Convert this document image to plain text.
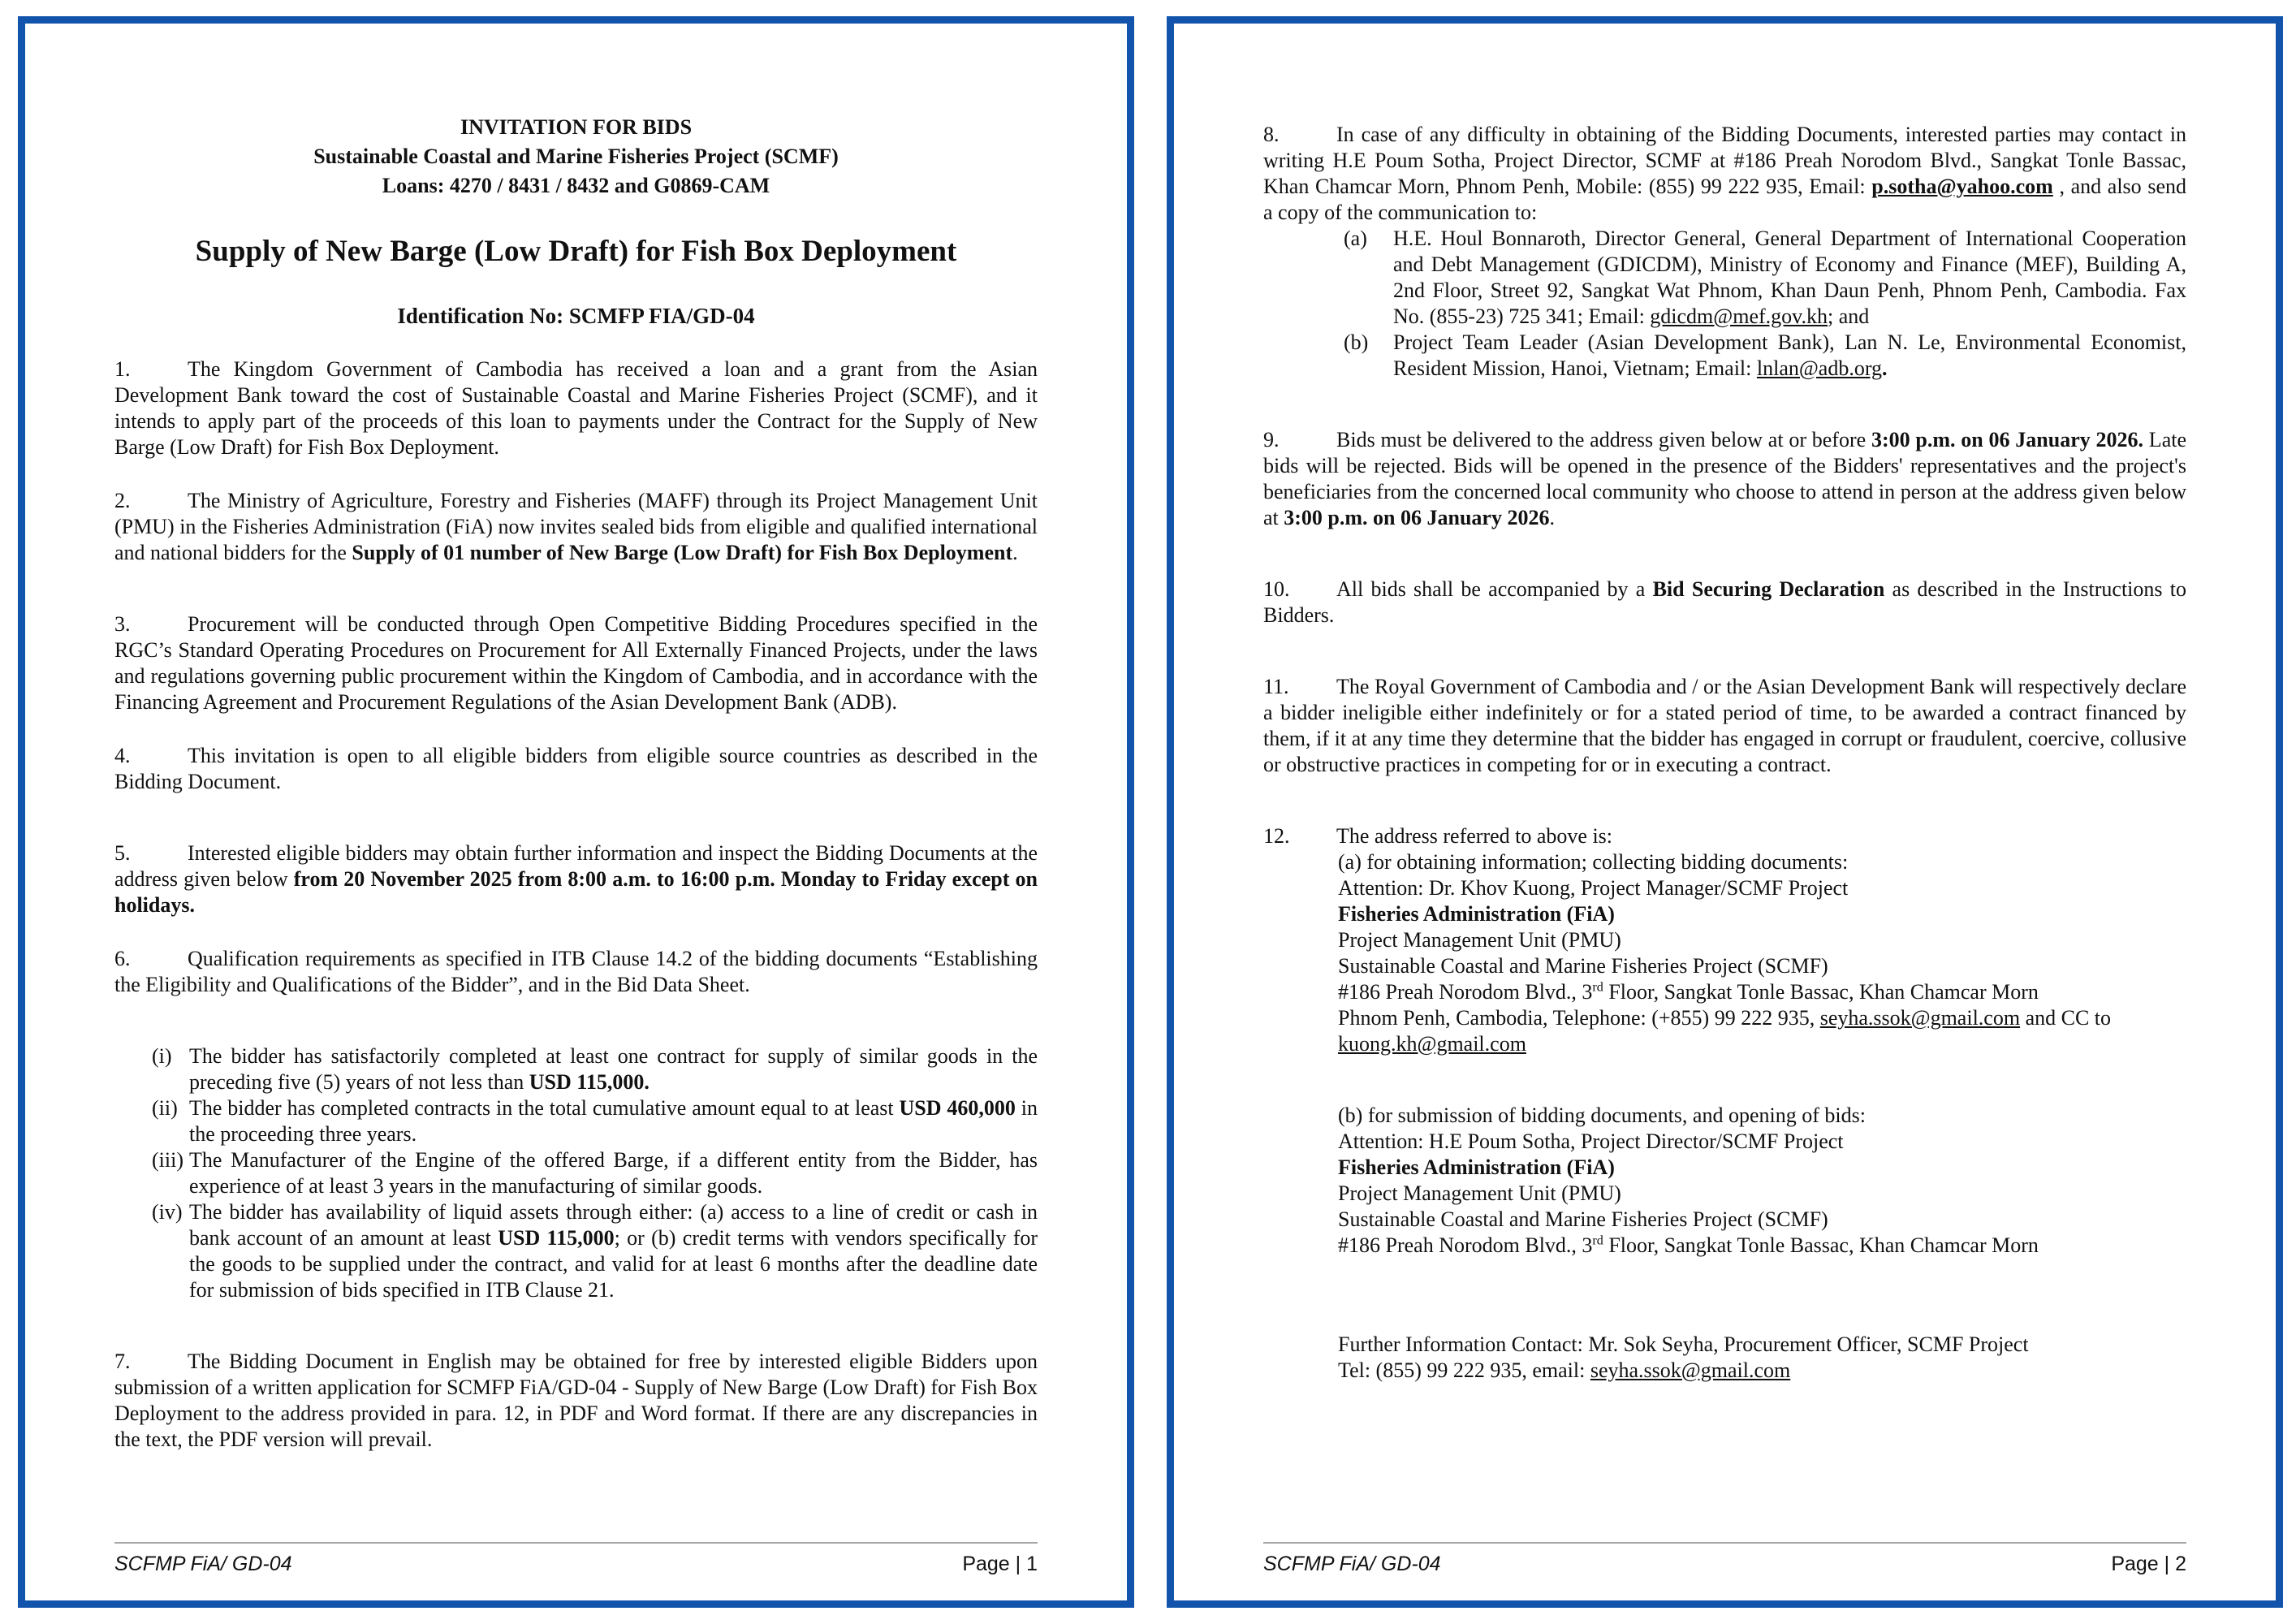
INVITATION FOR BIDS
Sustainable Coastal and Marine Fisheries Project (SCMF)
Loans: 4270 / 8431 / 8432 and G0869-CAM
Supply of New Barge (Low Draft) for Fish Box Deployment
Identification No: SCMFP FIA/GD-04
1.	The Kingdom Government of Cambodia has received a loan and a grant from the Asian Development Bank toward the cost of Sustainable Coastal and Marine Fisheries Project (SCMF), and it intends to apply part of the proceeds of this loan to payments under the Contract for the Supply of New Barge (Low Draft) for Fish Box Deployment.
2.	The Ministry of Agriculture, Forestry and Fisheries (MAFF) through its Project Management Unit (PMU) in the Fisheries Administration (FiA) now invites sealed bids from eligible and qualified international and national bidders for the Supply of 01 number of New Barge (Low Draft) for Fish Box Deployment.
3.	Procurement will be conducted through Open Competitive Bidding Procedures specified in the RGC’s Standard Operating Procedures on Procurement for All Externally Financed Projects, under the laws and regulations governing public procurement within the Kingdom of Cambodia, and in accordance with the Financing Agreement and Procurement Regulations of the Asian Development Bank (ADB).
4.	This invitation is open to all eligible bidders from eligible source countries as described in the Bidding Document.
5.	Interested eligible bidders may obtain further information and inspect the Bidding Documents at the address given below from 20 November 2025 from 8:00 a.m. to 16:00 p.m. Monday to Friday except on holidays.
6.	Qualification requirements as specified in ITB Clause 14.2 of the bidding documents “Establishing the Eligibility and Qualifications of the Bidder”, and in the Bid Data Sheet.
(i)The bidder has satisfactorily completed at least one contract for supply of similar goods in the preceding five (5) years of not less than USD 115,000.
(ii)The bidder has completed contracts in the total cumulative amount equal to at least USD 460,000 in the proceeding three years.
(iii) The Manufacturer of the Engine of the offered Barge, if a different entity from the Bidder, has experience of at least 3 years in the manufacturing of similar goods.
(iv)The bidder has availability of liquid assets through either: (a) access to a line of credit or cash in bank account of an amount at least USD 115,000; or (b) credit terms with vendors specifically for the goods to be supplied under the contract, and valid for at least 6 months after the deadline date for submission of bids specified in ITB Clause 21.
7.	The Bidding Document in English may be obtained for free by interested eligible Bidders upon submission of a written application for SCMFP FiA/GD-04 - Supply of New Barge (Low Draft) for Fish Box Deployment to the address provided in para. 12, in PDF and Word format. If there are any discrepancies in the text, the PDF version will prevail.
SCFMP FiA/ GD-04	Page | 1
8.	In case of any difficulty in obtaining of the Bidding Documents, interested parties may contact in writing H.E Poum Sotha, Project Director, SCMF at #186 Preah Norodom Blvd., Sangkat Tonle Bassac, Khan Chamcar Morn, Phnom Penh, Mobile: (855) 99 222 935, Email: p.sotha@yahoo.com , and also send a copy of the communication to:
(a)H.E. Houl Bonnaroth, Director General, General Department of International Cooperation and Debt Management (GDICDM), Ministry of Economy and Finance (MEF), Building A, 2nd Floor, Street 92, Sangkat Wat Phnom, Khan Daun Penh, Phnom Penh, Cambodia. Fax No. (855-23) 725 341; Email: gdicdm@mef.gov.kh; and
(b)Project Team Leader (Asian Development Bank), Lan N. Le, Environmental Economist, Resident Mission, Hanoi, Vietnam; Email: lnlan@adb.org.
9.	Bids must be delivered to the address given below at or before 3:00 p.m. on 06 January 2026. Late bids will be rejected. Bids will be opened in the presence of the Bidders' representatives and the project's beneficiaries from the concerned local community who choose to attend in person at the address given below at 3:00 p.m. on 06 January 2026.
10. All bids shall be accompanied by a Bid Securing Declaration as described in the Instructions to Bidders.
11. The Royal Government of Cambodia and / or the Asian Development Bank will respectively declare a bidder ineligible either indefinitely or for a stated period of time, to be awarded a contract financed by them, if it at any time they determine that the bidder has engaged in corrupt or fraudulent, coercive, collusive or obstructive practices in competing for or in executing a contract.
12. The address referred to above is:
(a) for obtaining information; collecting bidding documents:
Attention: Dr. Khov Kuong, Project Manager/SCMF Project
Fisheries Administration (FiA)
Project Management Unit (PMU)
Sustainable Coastal and Marine Fisheries Project (SCMF)
#186 Preah Norodom Blvd., 3rd Floor, Sangkat Tonle Bassac, Khan Chamcar Morn
Phnom Penh, Cambodia, Telephone: (+855) 99 222 935, seyha.ssok@gmail.com and CC to
kuong.kh@gmail.com
(b) for submission of bidding documents, and opening of bids:
Attention: H.E Poum Sotha, Project Director/SCMF Project
Fisheries Administration (FiA)
Project Management Unit (PMU)
Sustainable Coastal and Marine Fisheries Project (SCMF)
#186 Preah Norodom Blvd., 3rd Floor, Sangkat Tonle Bassac, Khan Chamcar Morn
Further Information Contact: Mr. Sok Seyha, Procurement Officer, SCMF Project
Tel: (855) 99 222 935, email: seyha.ssok@gmail.com
SCFMP FiA/ GD-04	Page | 2
